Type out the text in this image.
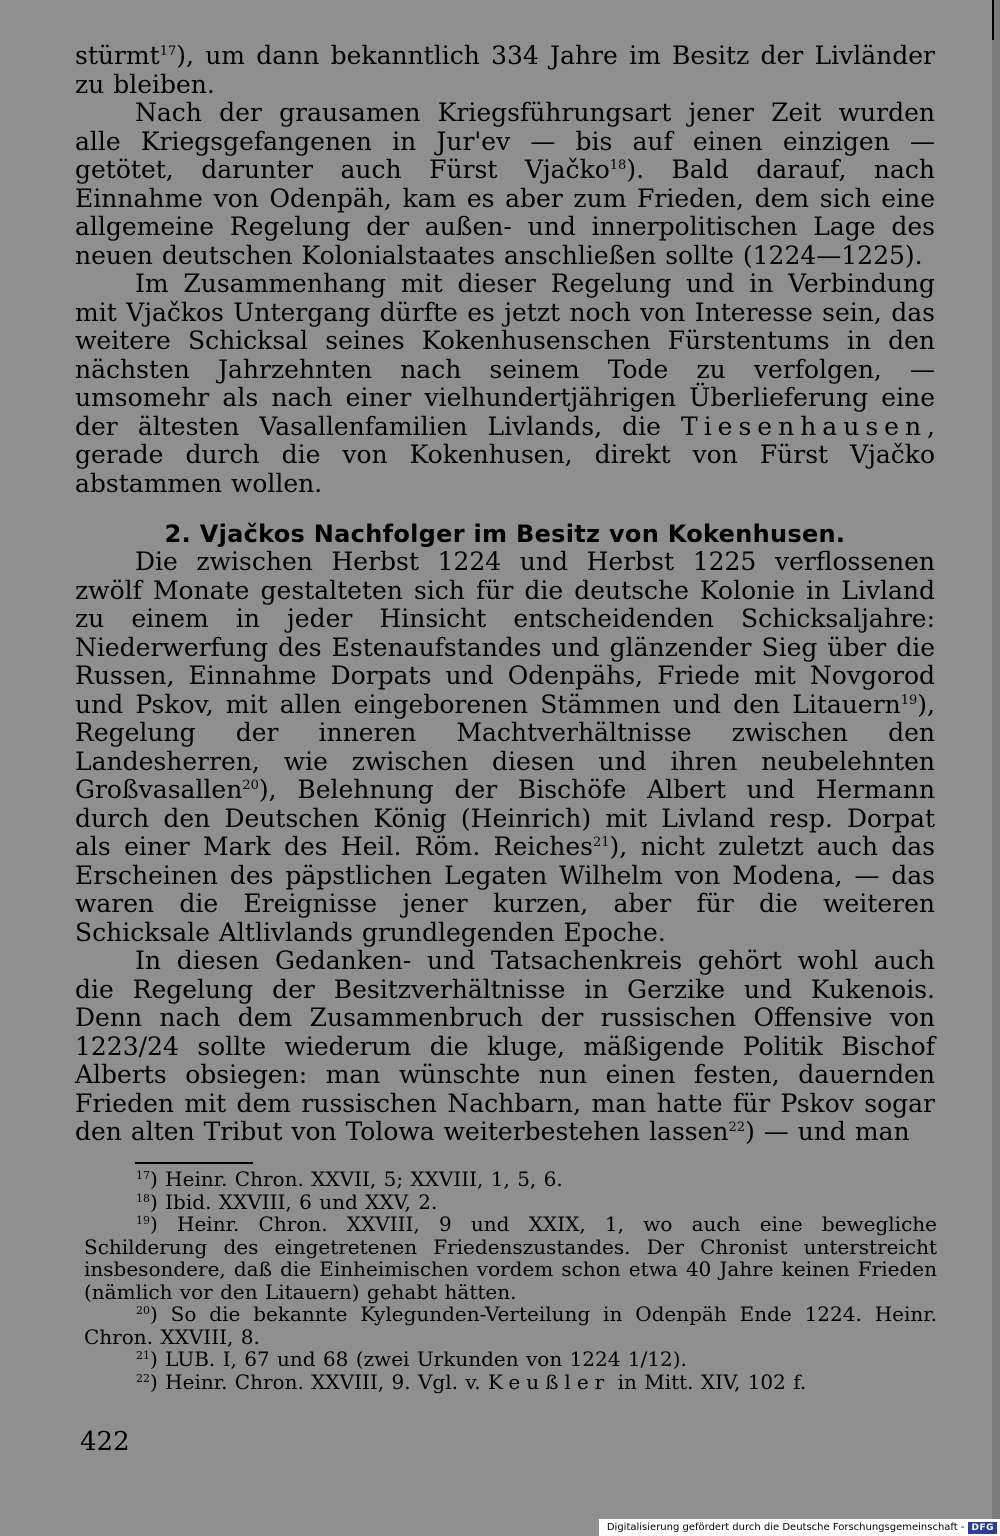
stürmt$^{17}$), um dann bekanntlich 334 Jahre im Besitz der Livländer zu bleiben.

Nach der grausamen Kriegsführungsart jener Zeit wurden alle Kriegsgefangenen in Jur'ev — bis auf einen einzigen — getötet, darunter auch Fürst Vjačko$^{18}$). Bald darauf, nach Einnahme von Odenpäh, kam es aber zum Frieden, dem sich eine allgemeine Regelung der außen- und innerpolitischen Lage des neuen deutschen Kolonialstaates anschließen sollte (1224—1225).

Im Zusammenhang mit dieser Regelung und in Verbindung mit Vjačkos Untergang dürfte es jetzt noch von Interesse sein, das weitere Schicksal seines Kokenhusenschen Fürstentums in den nächsten Jahrzehnten nach seinem Tode zu verfolgen, — umsomehr als nach einer vielhundertjährigen Überlieferung eine der ältesten Vasallenfamilien Livlands, die Tiesenhausen, gerade durch die von Kokenhusen, direkt von Fürst Vjačko abstammen wollen.

2. Vjačkos Nachfolger im Besitz von Kokenhusen.

Die zwischen Herbst 1224 und Herbst 1225 verflossenen zwölf Monate gestalteten sich für die deutsche Kolonie in Livland zu einem in jeder Hinsicht entscheidenden Schicksaljahre: Niederwerfung des Estenaufstandes und glänzender Sieg über die Russen, Einnahme Dorpats und Odenpähs, Friede mit Novgorod und Pskov, mit allen eingeborenen Stämmen und den Litauern$^{19}$), Regelung der inneren Machtverhältnisse zwischen den Landesherren, wie zwischen diesen und ihren neubelehnten Großvasallen$^{20}$), Belehnung der Bischöfe Albert und Hermann durch den Deutschen König (Heinrich) mit Livland resp. Dorpat als einer Mark des Heil. Röm. Reiches$^{21}$), nicht zuletzt auch das Erscheinen des päpstlichen Legaten Wilhelm von Modena, — das waren die Ereignisse jener kurzen, aber für die weiteren Schicksale Altlivlands grundlegenden Epoche.

In diesen Gedanken- und Tatsachenkreis gehört wohl auch die Regelung der Besitzverhältnisse in Gerzike und Kukenois. Denn nach dem Zusammenbruch der russischen Offensive von 1223/24 sollte wiederum die kluge, mäßigende Politik Bischof Alberts obsiegen: man wünschte nun einen festen, dauernden Frieden mit dem russischen Nachbarn, man hatte für Pskov sogar den alten Tribut von Tolowa weiterbestehen lassen$^{22}$) — und man

$^{17}$) Heinr. Chron. XXVII, 5; XXVIII, 1, 5, 6.

$^{18}$) Ibid. XXVIII, 6 und XXV, 2.

$^{19}$) Heinr. Chron. XXVIII, 9 und XXIX, 1, wo auch eine bewegliche Schilderung des eingetretenen Friedenszustandes. Der Chronist unterstreicht insbesondere, daß die Einheimischen vordem schon etwa 40 Jahre keinen Frieden (nämlich vor den Litauern) gehabt hätten.

$^{20}$) So die bekannte Kylegunden-Verteilung in Odenpäh Ende 1224. Heinr. Chron. XXVIII, 8.

$^{21}$) LUB. I, 67 und 68 (zwei Urkunden von 1224 1/12).

$^{22}$) Heinr. Chron. XXVIII, 9. Vgl. v. Keußler in Mitt. XIV, 102 f.

422
Digitalisierung gefördert durch die Deutsche Forschungsgemeinschaft - DFG
